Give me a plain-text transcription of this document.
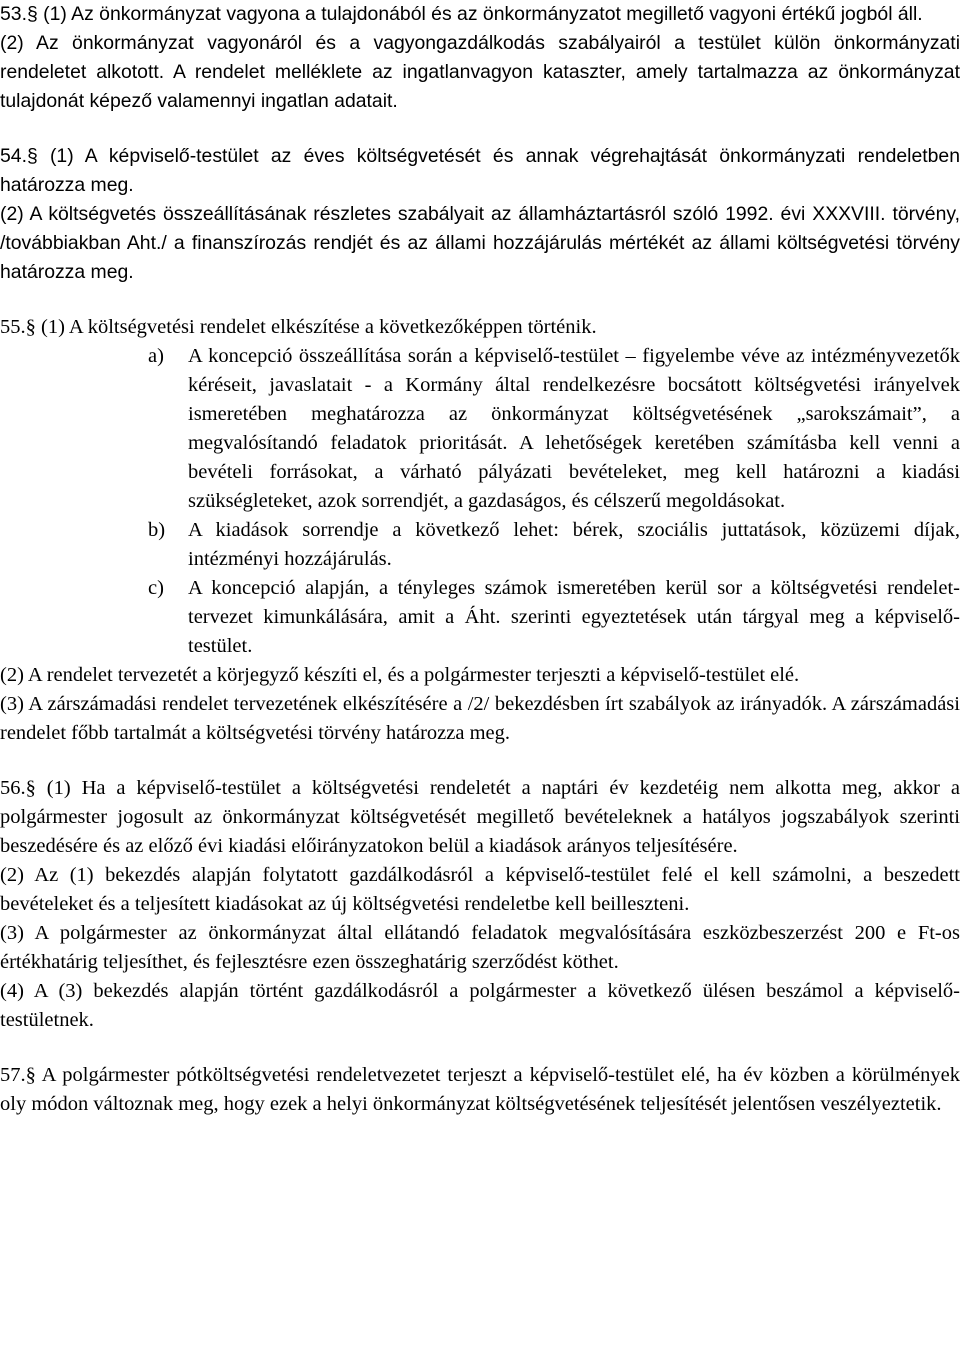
53.§ (1) Az önkormányzat vagyona a tulajdonából és az önkormányzatot megillető vagyoni értékű jogból áll.

(2) Az önkormányzat vagyonáról és a vagyongazdálkodás szabályairól a testület külön önkormányzati rendeletet alkotott. A rendelet melléklete az ingatlanvagyon kataszter, amely tartalmazza az önkormányzat tulajdonát képező valamennyi ingatlan adatait.

54.§ (1) A képviselő-testület az éves költségvetését és annak végrehajtását önkormányzati rendeletben határozza meg.

(2) A költségvetés összeállításának részletes szabályait az államháztartásról szóló 1992. évi XXXVIII. törvény, /továbbiakban Aht./ a finanszírozás rendjét és az állami hozzájárulás mértékét az állami költségvetési törvény határozza meg.

55.§ (1) A költségvetési rendelet elkészítése a következőképpen történik.

a)	A koncepció összeállítása során a képviselő-testület – figyelembe véve az intézményvezetők kéréseit, javaslatait - a Kormány által rendelkezésre bocsátott költségvetési irányelvek ismeretében meghatározza az önkormányzat költségvetésének „sarokszámait”, a megvalósítandó feladatok prioritását. A lehetőségek keretében számításba kell venni a bevételi forrásokat, a várható pályázati bevételeket, meg kell határozni a kiadási szükségleteket, azok sorrendjét, a gazdaságos, és célszerű megoldásokat.
b)	A kiadások sorrendje a következő lehet: bérek, szociális juttatások, közüzemi díjak, intézményi hozzájárulás.
c)	A koncepció alapján, a tényleges számok ismeretében kerül sor a költségvetési rendelet-tervezet kimunkálására, amit a Áht. szerinti egyeztetések után tárgyal meg a képviselő-testület.

(2) A rendelet tervezetét a körjegyző készíti el, és a polgármester terjeszti a képviselő-testület elé.

(3) A zárszámadási rendelet tervezetének elkészítésére a /2/ bekezdésben írt szabályok az irányadók. A zárszámadási rendelet főbb tartalmát a költségvetési törvény határozza meg.

56.§ (1) Ha a képviselő-testület a költségvetési rendeletét a naptári év kezdetéig nem alkotta meg, akkor a polgármester jogosult az önkormányzat költségvetését megillető bevételeknek a hatályos jogszabályok szerinti beszedésére és az előző évi kiadási előirányzatokon belül a kiadások arányos teljesítésére.

(2) Az (1) bekezdés alapján folytatott gazdálkodásról a képviselő-testület felé el kell számolni, a beszedett bevételeket és a teljesített kiadásokat az új költségvetési rendeletbe kell beilleszteni.

(3) A polgármester az önkormányzat által ellátandó feladatok megvalósítására eszközbeszerzést 200 e Ft-os értékhatárig teljesíthet, és fejlesztésre ezen összeghatárig szerződést köthet.

(4) A (3) bekezdés alapján történt gazdálkodásról a polgármester a következő ülésen beszámol a képviselő-testületnek.

57.§ A polgármester pótköltségvetési rendeletvezetet terjeszt a képviselő-testület elé, ha év közben a körülmények oly módon változnak meg, hogy ezek a helyi önkormányzat költségvetésének teljesítését jelentősen veszélyeztetik.
